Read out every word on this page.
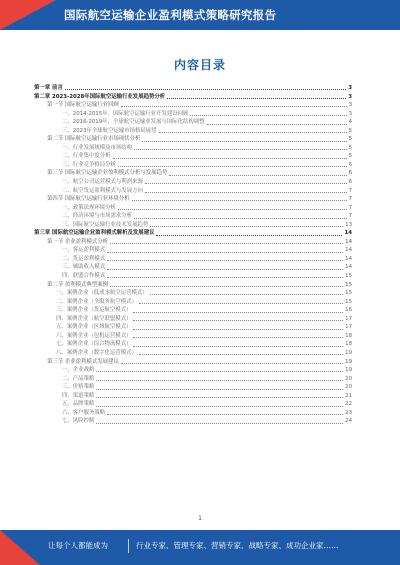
国际航空运输企业盈利模式策略研究报告
内容目录
第一章 前言	3
第二章 2023-2028年国际航空运输行业发展趋势分析	3
第一节 国际航空运输行业回顾	3
一、2014-2015年，国际航空运输行业开发建设回顾	3
二、2016-2019年，全球航空运输业发展与国际化结构调整	4
三、2023年全球航空运输市场格局展望	5
第二节 国际航空运输行业市场现状分析	5
一、行业发展规模及市场结构	5
二、行业集中度分析	5
三、行业竞争格局分析	6
第三节 国际航空运输企业盈利模式分析与发展趋势	6
一、航空公司运营模式与利润来源	6
二、航空货运盈利模式与发展方向	7
第四节 国际航空运输行业环境分析	7
一、政策法规环境分析	7
二、经济环境与市场需求分析	7
三、国际航空运输行业技术发展趋势	13
第三章 国际航空运输企业盈利模式解析及发展建议	14
第一节 企业盈利模式分析	14
一、客运盈利模式	14
二、货运盈利模式	14
三、辅助收入模式	14
四、联盟合作模式	15
第二节 盈利模式典型案例	15
一、案例企业（低成本航空运营模式）	15
二、案例企业（全服务航空模式）	15
三、案例企业（货运航空模式）	16
四、案例企业（航空联盟模式）	17
五、案例企业（区域航空模式）	17
六、案例企业（包机运营模式）	18
七、案例企业（综合物流模式）	18
八、案例企业（数字化运营模式）	19
第三节 企业盈利模式发展建议	19
一、企业战略	19
二、产品策略	20
三、价格策略	20
四、渠道策略	21
五、品牌策略	22
六、客户服务策略	23
七、风险控制	24
1
让每个人都能成为	行业专家、管理专家、营销专家、战略专家、成功企业家……
